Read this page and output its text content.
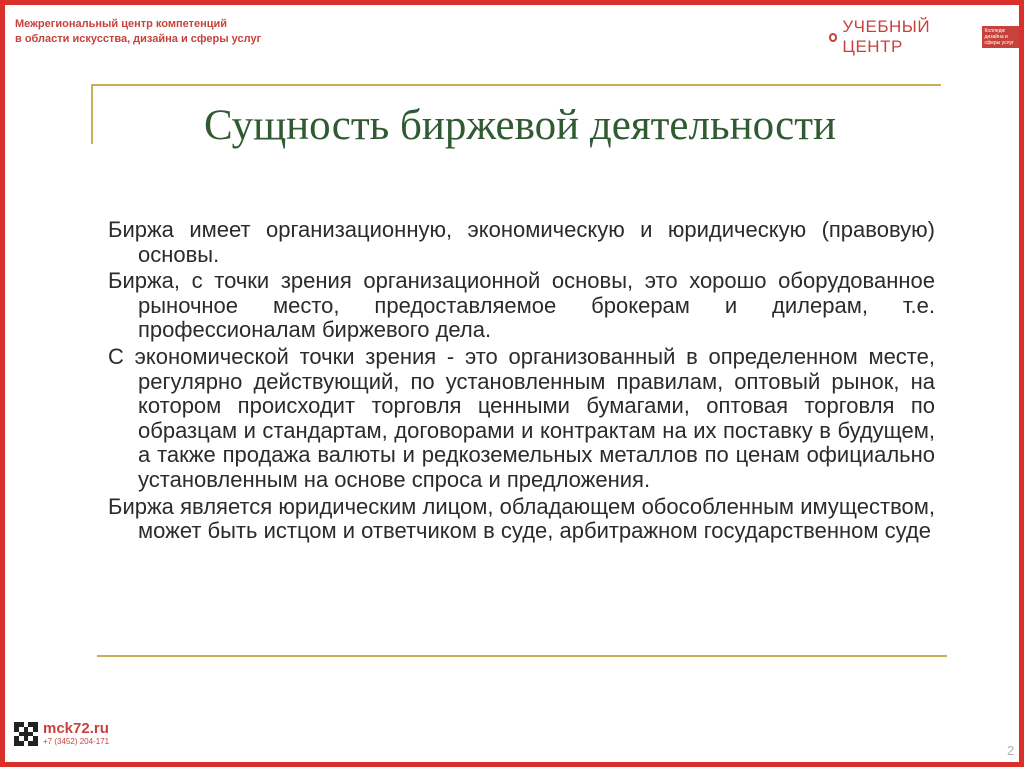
Межрегиональный центр компетенций
в области искусства, дизайна и сферы услуг
УЧЕБНЫЙ ЦЕНТР
Колледж дизайна и сферы услуг
Сущность биржевой деятельности

Биржа имеет организационную, экономическую и юридическую (правовую) основы.

Биржа, с точки зрения организационной основы, это хорошо оборудованное рыночное место, предоставляемое брокерам и дилерам, т.е. профессионалам биржевого дела.

С экономической точки зрения - это организованный в определенном месте, регулярно действующий, по установленным правилам, оптовый рынок, на котором происходит торговля ценными бумагами, оптовая торговля по образцам и стандартам, договорами и контрактам на их поставку в будущем, а также продажа валюты и редкоземельных металлов по ценам официально установленным на основе спроса и предложения.

Биржа является юридическим лицом, обладающем обособленным имуществом, может быть истцом и ответчиком в суде, арбитражном государственном суде

mck72.ru
+7 (3452) 204-171
2
